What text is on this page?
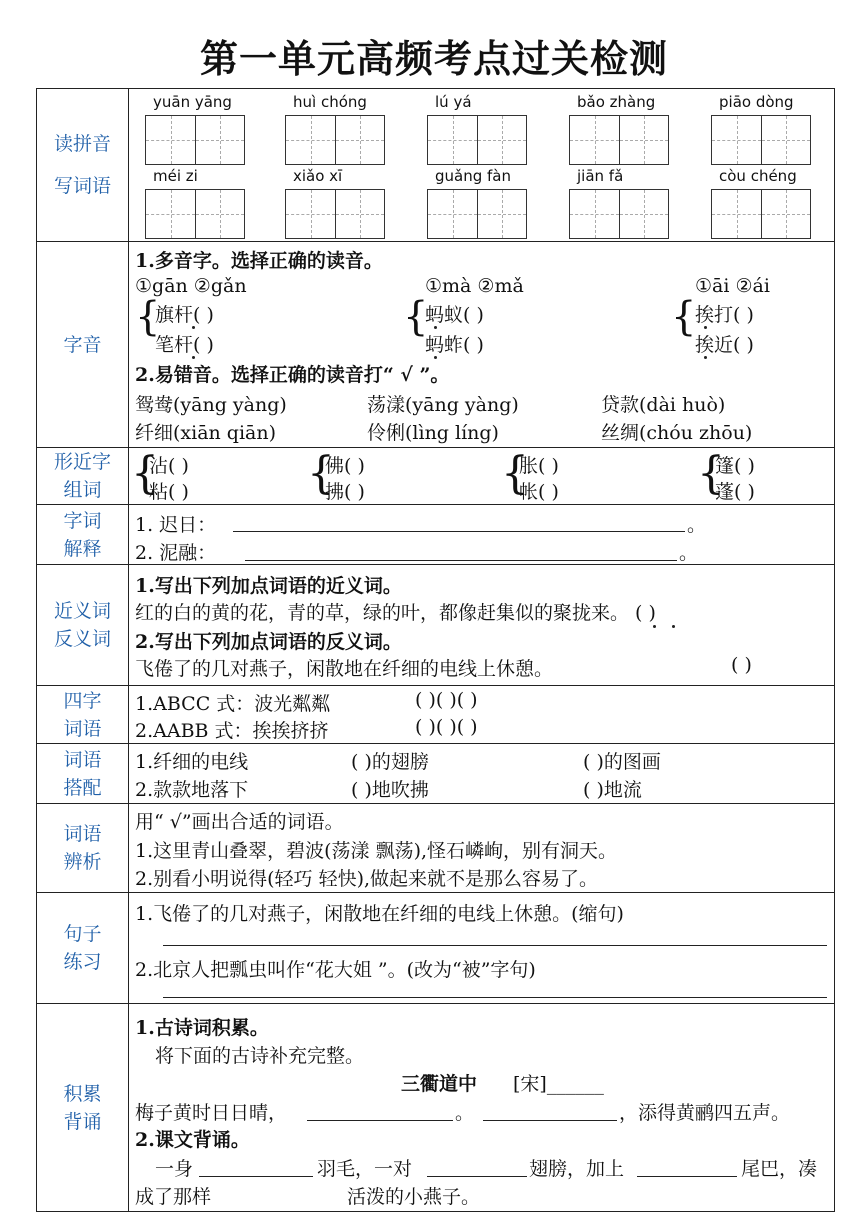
第一单元高频考点过关检测
读拼音
写词语
yuān yāng	huì chóng	lú yá	bǎo zhàng	piāo dòng
méi zi	xiǎo xī	guǎng fàn	jiān fǎ	còu chéng
字音
1.多音字。选择正确的读音。
①gān ②gǎn
{
旗杆( )
笔杆( )
①mà ②mǎ
{
蚂蚁( )
蚂蚱( )
①āi ②ái
{
挨打( )
挨近( )
2.易错音。选择正确的读音打“ √ ”。
鸳鸯(yāng yàng)	荡漾(yāng yàng)	贷款(dài huò)
纤细(xiān qiān)	伶俐(lìng líng)	丝绸(chóu zhōu)
形近字
组词 {
沾( )
粘( )	{
佛( )
拂( )	{
胀( )
帐( )	{
篷( )
蓬( )
字词
解释
1. 迟日：	。
2. 泥融：	。
近义词
反义词
1.写出下列加点词语的近义词。
红的白的黄的花，青的草，绿的叶，都像赶集似的聚拢来。 ( )
2.写出下列加点词语的反义词。
飞倦了的几对燕子，闲散地在纤细的电线上休憩。	( )
四字
词语
1.ABCC 式：波光粼粼	( )( )( )
2.AABB 式：挨挨挤挤	( )( )( )
词语
搭配
1.纤细的电线	( )的翅膀	( )的图画
2.款款地落下	( )地吹拂	( )地流
词语
辨析
用“ √”画出合适的词语。
1.这里青山叠翠，碧波(荡漾 飘荡),怪石嶙峋，别有洞天。
2.别看小明说得(轻巧 轻快),做起来就不是那么容易了。
句子
练习
1.飞倦了的几对燕子，闲散地在纤细的电线上休憩。(缩句)
2.北京人把瓢虫叫作“花大姐 ”。(改为“被”字句)
积累
背诵
1.古诗词积累。
将下面的古诗补充完整。
三衢道中 [宋]______
梅子黄时日日晴，	。	，添得黄鹂四五声。
2.课文背诵。
一身	羽毛，一对	翅膀，加上	尾巴，凑
成了那样	活泼的小燕子。
